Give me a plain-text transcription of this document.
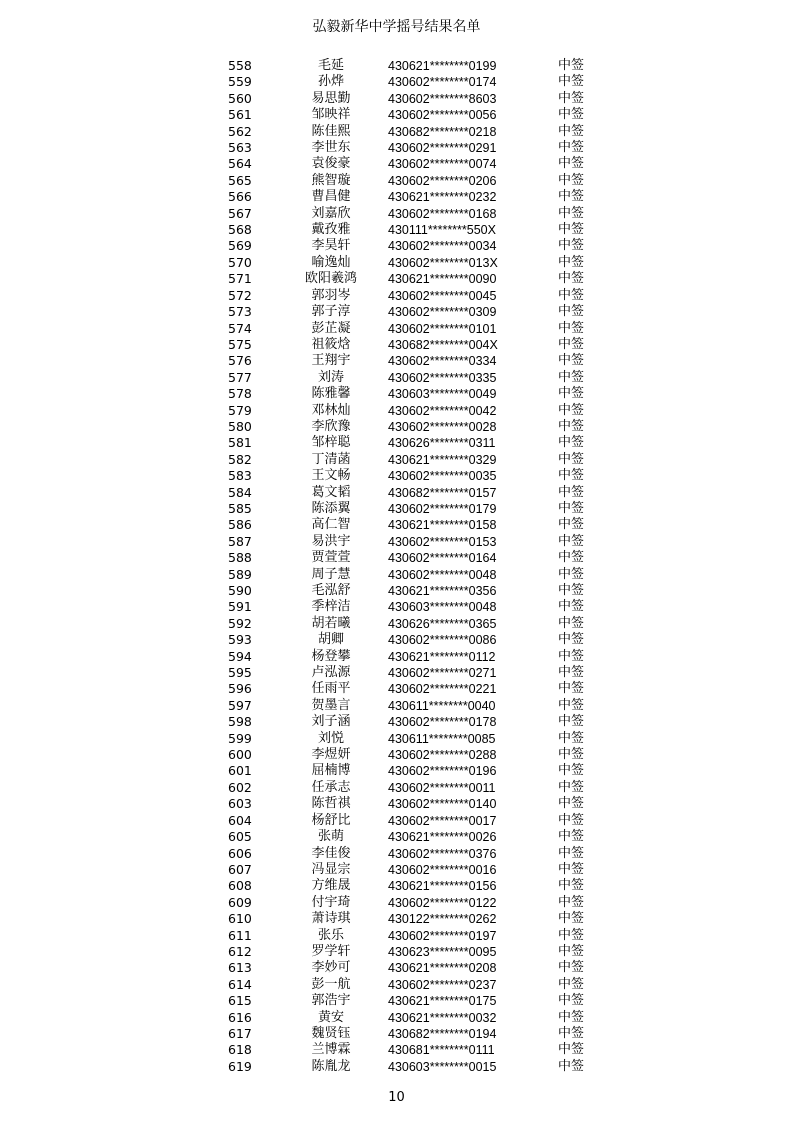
弘毅新华中学摇号结果名单
558	毛延	430621********0199	中签
559	孙烨	430602********0174	中签
560	易思勤	430602********8603	中签
561	邹映祥	430602********0056	中签
562	陈佳熙	430682********0218	中签
563	李世东	430602********0291	中签
564	袁俊豪	430602********0074	中签
565	熊智璇	430602********0206	中签
566	曹昌健	430621********0232	中签
567	刘嘉欣	430602********0168	中签
568	戴孜雅	430111********550X	中签
569	李昊轩	430602********0034	中签
570	喻逸灿	430602********013X	中签
571	欧阳羲鸿	430621********0090	中签
572	郭羽岑	430602********0045	中签
573	郭子淳	430602********0309	中签
574	彭芷凝	430602********0101	中签
575	祖筱焓	430682********004X	中签
576	王翔宇	430602********0334	中签
577	刘涛	430602********0335	中签
578	陈雅馨	430603********0049	中签
579	邓林灿	430602********0042	中签
580	李欣豫	430602********0028	中签
581	邹梓聪	430626********0311	中签
582	丁清菡	430621********0329	中签
583	王文畅	430602********0035	中签
584	葛文韬	430682********0157	中签
585	陈添翼	430602********0179	中签
586	高仁智	430621********0158	中签
587	易洪宇	430602********0153	中签
588	贾萱萱	430602********0164	中签
589	周子慧	430602********0048	中签
590	毛泓舒	430621********0356	中签
591	季梓洁	430603********0048	中签
592	胡若曦	430626********0365	中签
593	胡卿	430602********0086	中签
594	杨登攀	430621********0112	中签
595	卢泓源	430602********0271	中签
596	任雨平	430602********0221	中签
597	贺墨言	430611********0040	中签
598	刘子涵	430602********0178	中签
599	刘悦	430611********0085	中签
600	李煜妍	430602********0288	中签
601	屈楠博	430602********0196	中签
602	任承志	430602********0011	中签
603	陈哲祺	430602********0140	中签
604	杨舒比	430602********0017	中签
605	张萌	430621********0026	中签
606	李佳俊	430602********0376	中签
607	冯显宗	430602********0016	中签
608	方维晟	430621********0156	中签
609	付宇琦	430602********0122	中签
610	萧诗琪	430122********0262	中签
611	张乐	430602********0197	中签
612	罗学轩	430623********0095	中签
613	李妙可	430621********0208	中签
614	彭一航	430602********0237	中签
615	郭浩宇	430621********0175	中签
616	黄安	430621********0032	中签
617	魏贤钰	430682********0194	中签
618	兰博霖	430681********0111	中签
619	陈胤龙	430603********0015	中签
10
